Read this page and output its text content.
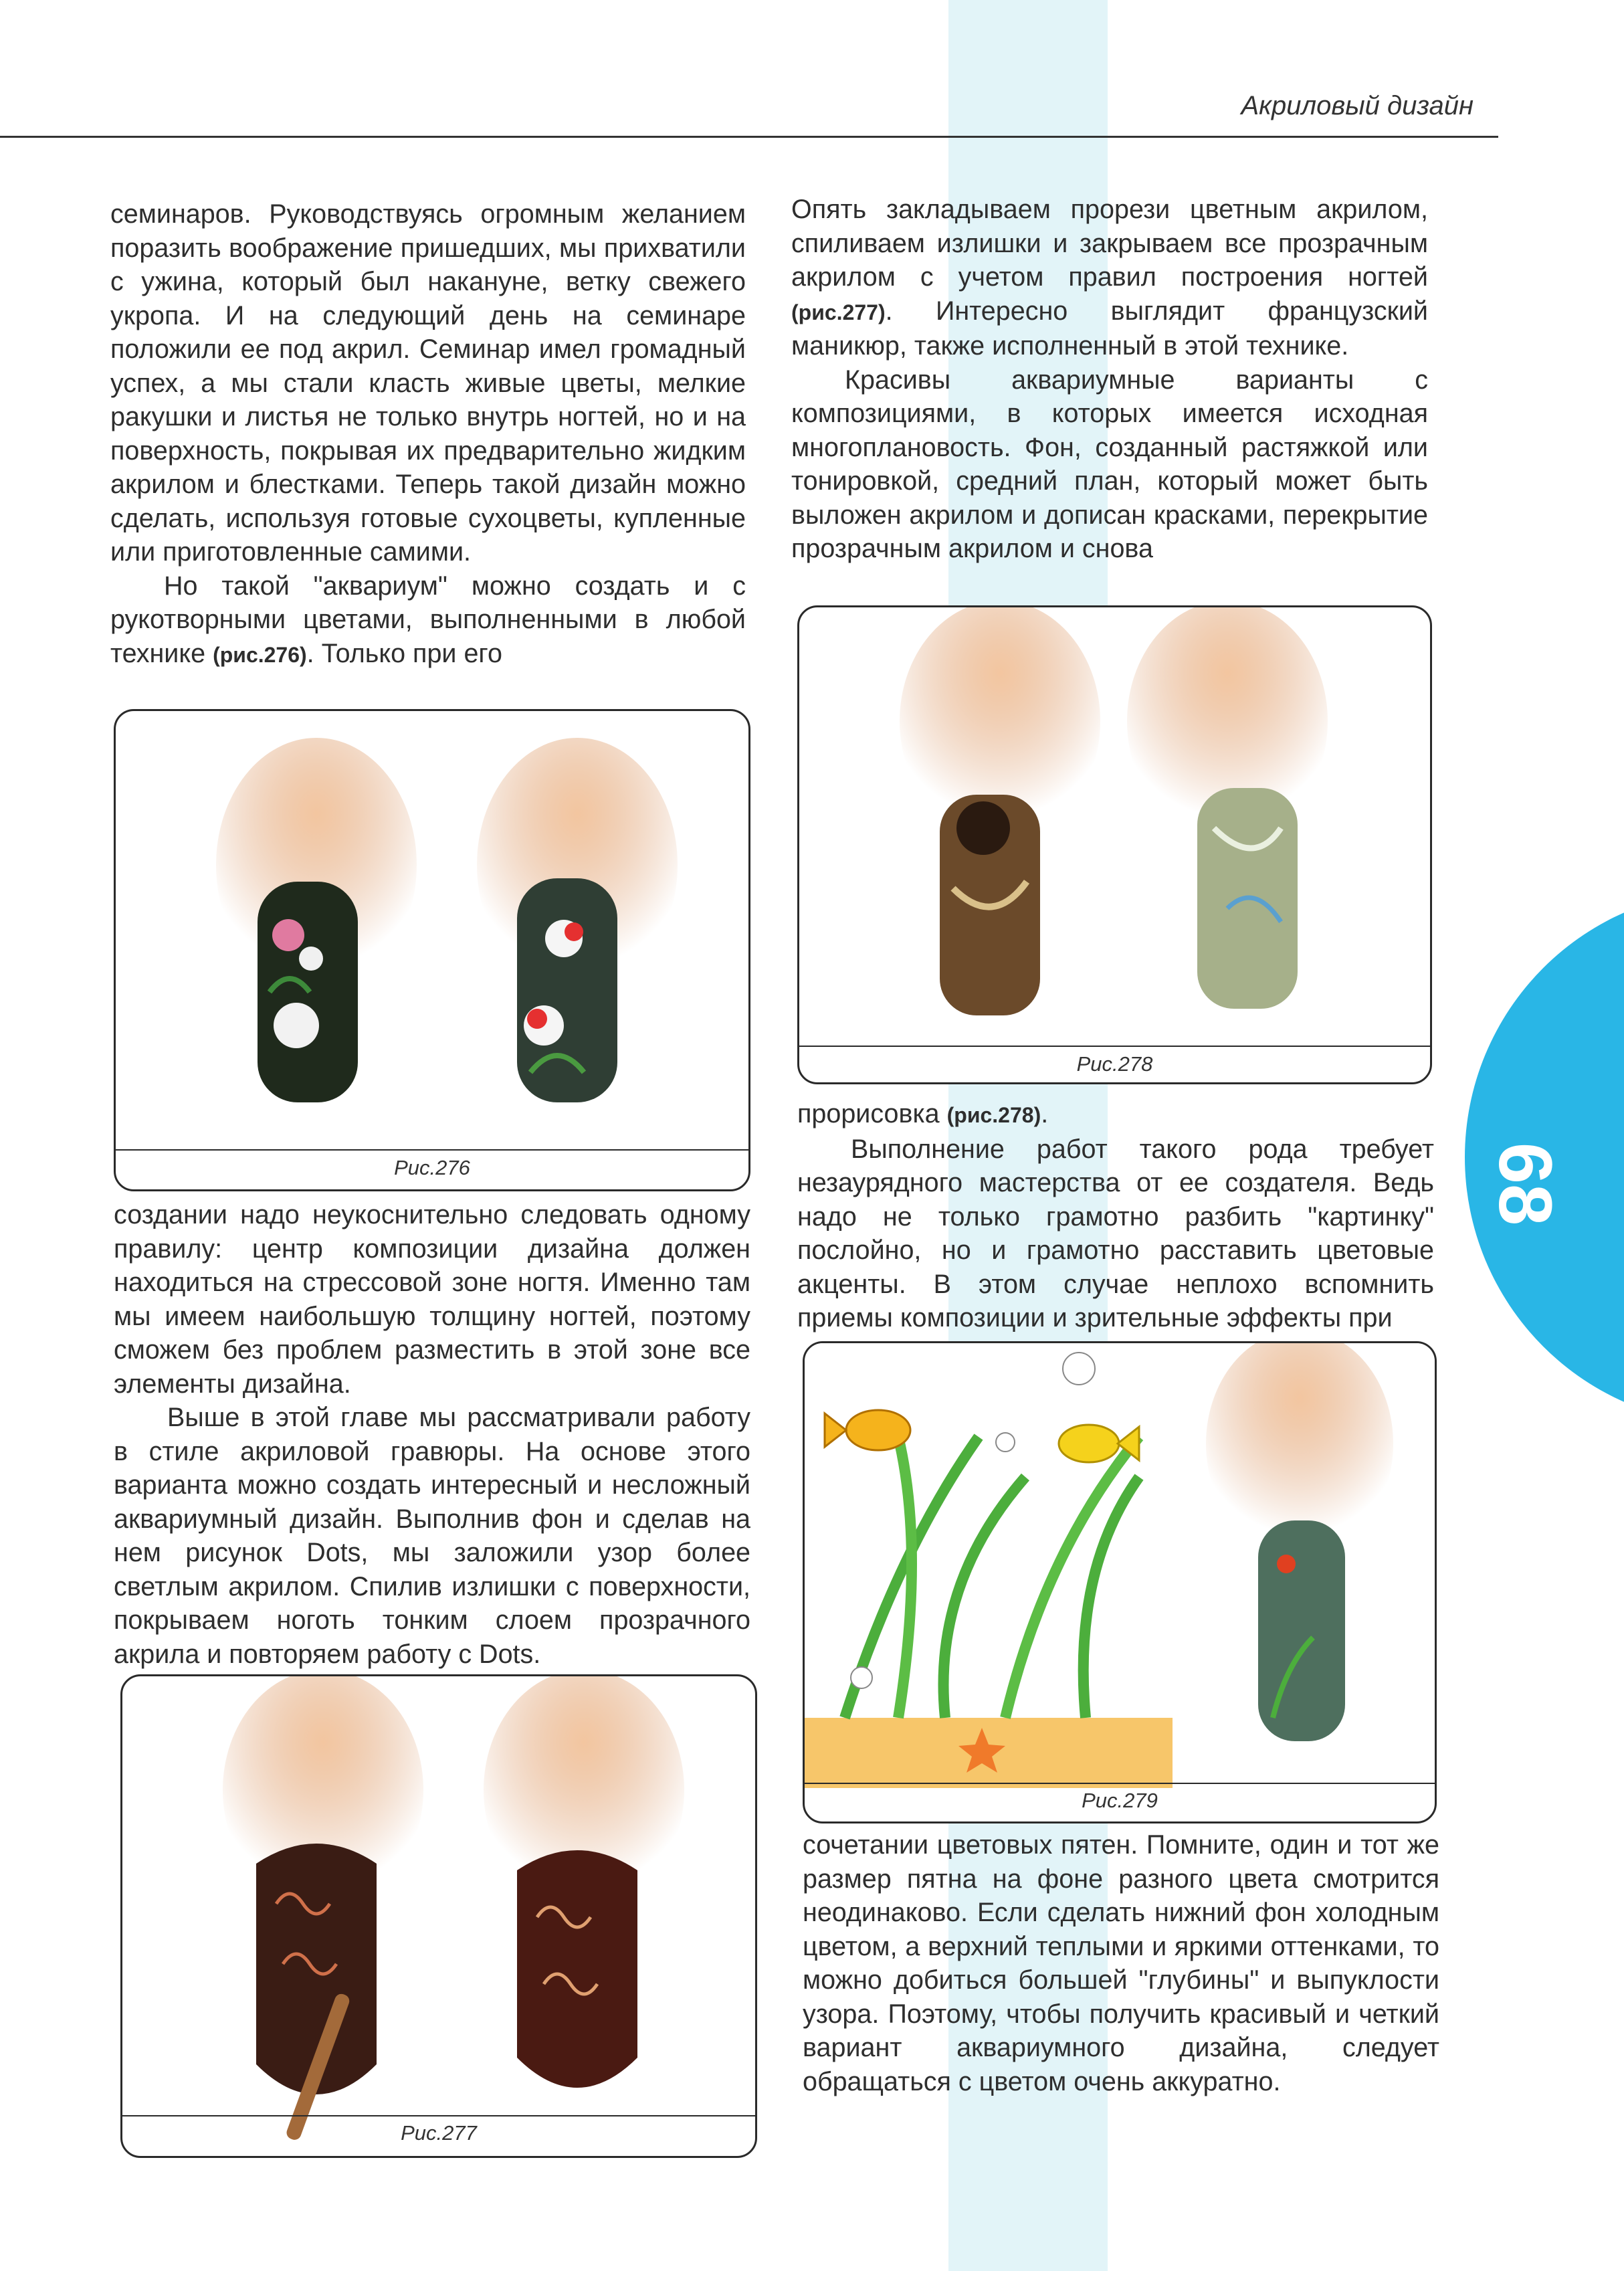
68
Акриловый дизайн

семинаров. Руководствуясь огромным желанием поразить воображение пришедших, мы прихватили с ужина, который был накануне, ветку свежего укропа. И на следующий день на семинаре положили ее под акрил. Семинар имел громадный успех, а мы стали класть живые цветы, мелкие ракушки и листья не только внутрь ногтей, но и на поверхность, покрывая их предварительно жидким акрилом и блестками. Теперь такой дизайн можно сделать, используя готовые сухоцветы, купленные или приготовленные самими.

Но такой "аквариум" можно создать и с рукотворными цветами, выполненными в любой технике (рис.276). Только при его

Рис.276

создании надо неукоснительно следовать одному правилу: центр композиции дизайна должен находиться на стрессовой зоне ногтя. Именно там мы имеем наибольшую толщину ногтей, поэтому сможем без проблем разместить в этой зоне все элементы дизайна.

Выше в этой главе мы рассматривали работу в стиле акриловой гравюры. На основе этого варианта можно создать интересный и несложный аквариумный дизайн. Выполнив фон и сделав на нем рисунок Dots, мы заложили узор более светлым акрилом. Спилив излишки с поверхности, покрываем ноготь тонким слоем прозрачного акрила и повторяем работу с Dots.

Рис.277

Опять закладываем прорези цветным акрилом, спиливаем излишки и закрываем все прозрачным акрилом с учетом правил построения ногтей (рис.277). Интересно выглядит французский маникюр, также исполненный в этой технике.

Красивы аквариумные варианты с композициями, в которых имеется исходная многоплановость. Фон, созданный растяжкой или тонировкой, средний план, который может быть выложен акрилом и дописан красками, перекрытие прозрачным акрилом и снова

Рис.278

прорисовка (рис.278).

Выполнение работ такого рода требует незаурядного мастерства от ее создателя. Ведь надо не только грамотно разбить "картинку" послойно, но и грамотно расставить цветовые акценты. В этом случае неплохо вспомнить приемы композиции и зрительные эффекты при

Рис.279

сочетании цветовых пятен. Помните, один и тот же размер пятна на фоне разного цвета смотрится неодинаково. Если сделать нижний фон холодным цветом, а верхний теплыми и яркими оттенками, то можно добиться большей "глубины" и выпуклости узора. Поэтому, чтобы получить красивый и четкий вариант аквариумного дизайна, следует обращаться с цветом очень аккуратно.
